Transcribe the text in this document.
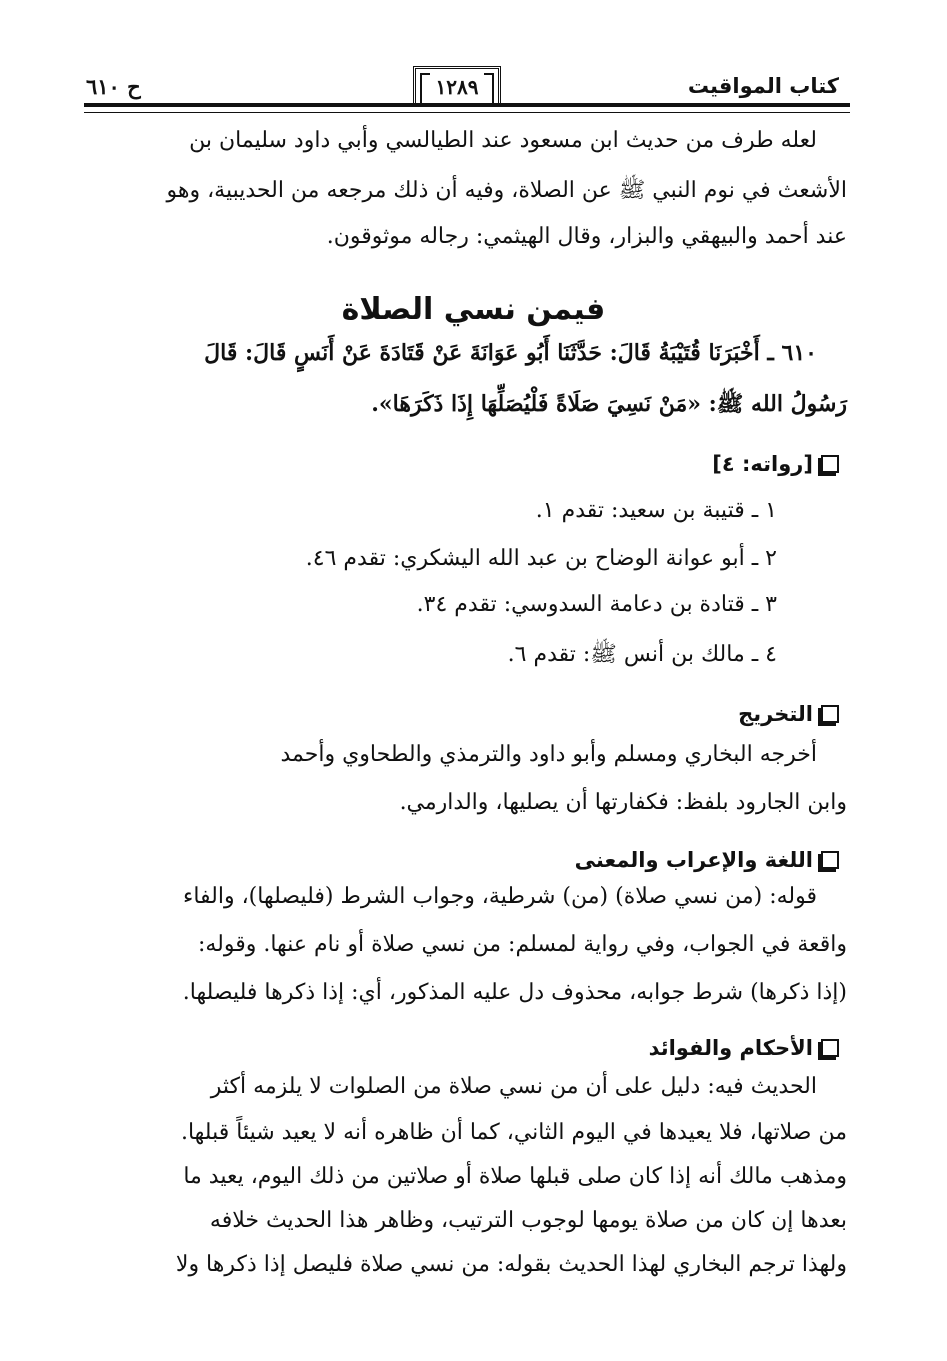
كتاب المواقيت
١٢٨٩
ح ٦١٠
لعله طرف من حديث ابن مسعود عند الطيالسي وأبي داود سليمان بن
الأشعث في نوم النبي ﷺ عن الصلاة، وفيه أن ذلك مرجعه من الحديبية، وهو
عند أحمد والبيهقي والبزار، وقال الهيثمي: رجاله موثوقون.
فيمن نسي الصلاة
٦١٠ ـ أَخْبَرَنَا قُتَيْبَةُ قَالَ: حَدَّثَنَا أَبُو عَوَانَةَ عَنْ قَتَادَةَ عَنْ أَنَسٍ قَالَ: قَالَ
رَسُولُ الله ﷺ: «مَنْ نَسِيَ صَلَاةً فَلْيُصَلِّهَا إِذَا ذَكَرَهَا».
[رواته: ٤]
١ ـ قتيبة بن سعيد: تقدم ١.
٢ ـ أبو عوانة الوضاح بن عبد الله اليشكري: تقدم ٤٦.
٣ ـ قتادة بن دعامة السدوسي: تقدم ٣٤.
٤ ـ مالك بن أنس ﷺ: تقدم ٦.
التخريج
أخرجه البخاري ومسلم وأبو داود والترمذي والطحاوي وأحمد
وابن الجارود بلفظ: فكفارتها أن يصليها، والدارمي.
اللغة والإعراب والمعنى
قوله: (من نسي صلاة) (من) شرطية، وجواب الشرط (فليصلها)، والفاء
واقعة في الجواب، وفي رواية لمسلم: من نسي صلاة أو نام عنها. وقوله:
(إذا ذكرها) شرط جوابه، محذوف دل عليه المذكور، أي: إذا ذكرها فليصلها.
الأحكام والفوائد
الحديث فيه: دليل على أن من نسي صلاة من الصلوات لا يلزمه أكثر
من صلاتها، فلا يعيدها في اليوم الثاني، كما أن ظاهره أنه لا يعيد شيئاً قبلها.
ومذهب مالك أنه إذا كان صلى قبلها صلاة أو صلاتين من ذلك اليوم، يعيد ما
بعدها إن كان من صلاة يومها لوجوب الترتيب، وظاهر هذا الحديث خلافه
ولهذا ترجم البخاري لهذا الحديث بقوله: من نسي صلاة فليصل إذا ذكرها ولا
